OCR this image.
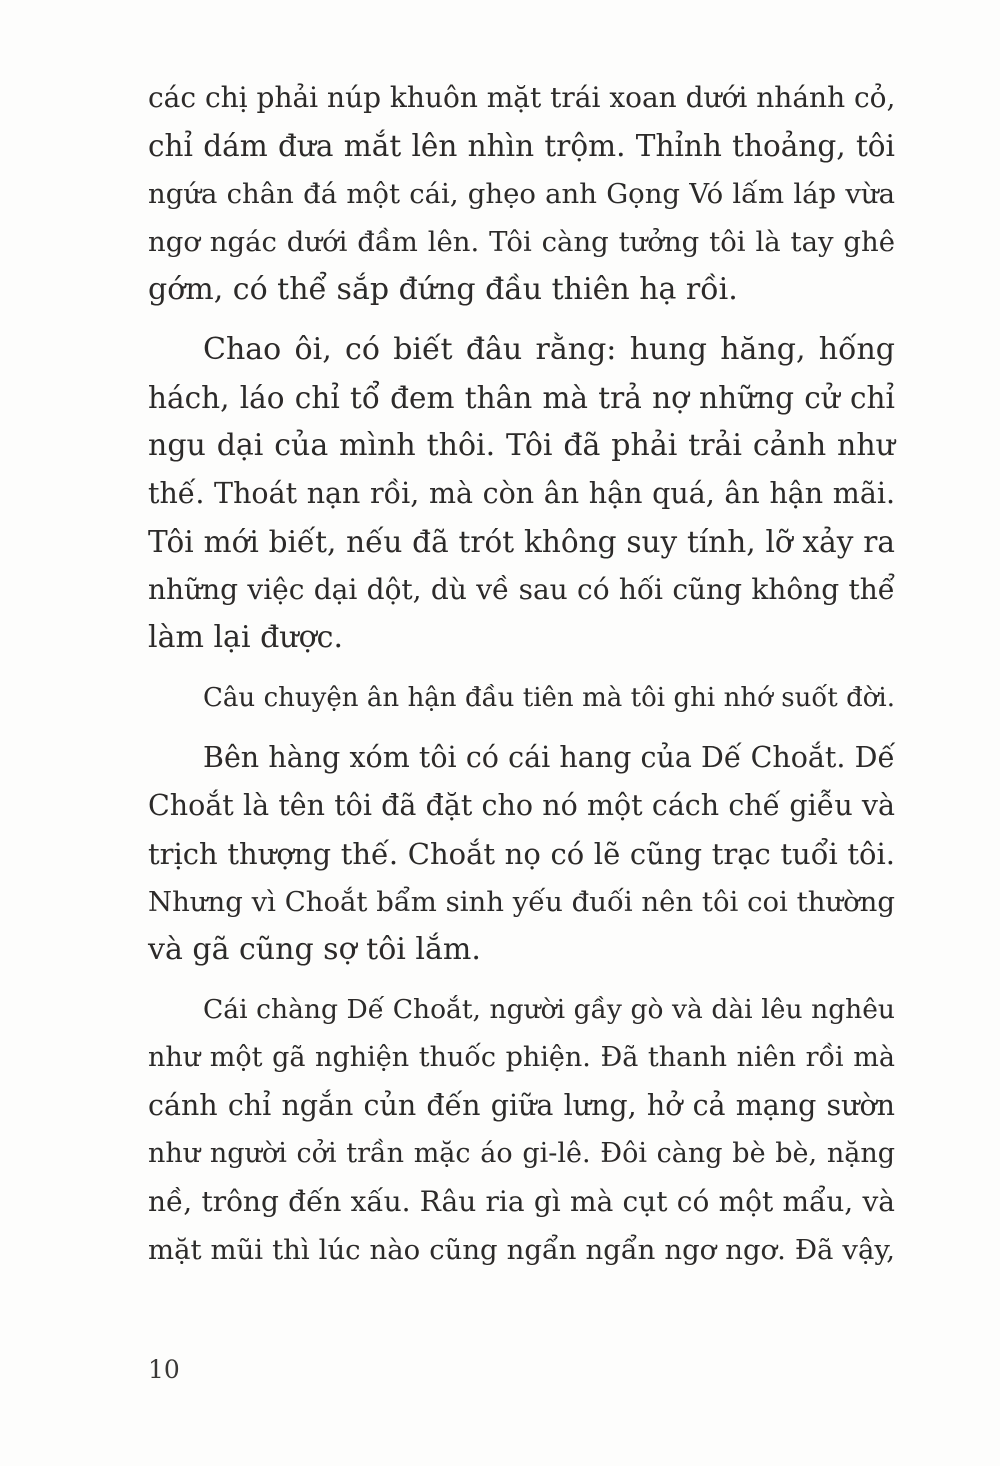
các chị phải núp khuôn mặt trái xoan dưới nhánh cỏ,
chỉ dám đưa mắt lên nhìn trộm. Thỉnh thoảng, tôi
ngứa chân đá một cái, ghẹo anh Gọng Vó lấm láp vừa
ngơ ngác dưới đầm lên. Tôi càng tưởng tôi là tay ghê
gớm, có thể sắp đứng đầu thiên hạ rồi.
Chao ôi, có biết đâu rằng: hung hăng, hống
hách, láo chỉ tổ đem thân mà trả nợ những cử chỉ
ngu dại của mình thôi. Tôi đã phải trải cảnh như
thế. Thoát nạn rồi, mà còn ân hận quá, ân hận mãi.
Tôi mới biết, nếu đã trót không suy tính, lỡ xảy ra
những việc dại dột, dù về sau có hối cũng không thể
làm lại được.
Câu chuyện ân hận đầu tiên mà tôi ghi nhớ suốt đời.
Bên hàng xóm tôi có cái hang của Dế Choắt. Dế
Choắt là tên tôi đã đặt cho nó một cách chế giễu và
trịch thượng thế. Choắt nọ có lẽ cũng trạc tuổi tôi.
Nhưng vì Choắt bẩm sinh yếu đuối nên tôi coi thường
và gã cũng sợ tôi lắm.
Cái chàng Dế Choắt, người gầy gò và dài lêu nghêu
như một gã nghiện thuốc phiện. Đã thanh niên rồi mà
cánh chỉ ngắn củn đến giữa lưng, hở cả mạng sườn
như người cởi trần mặc áo gi-lê. Đôi càng bè bè, nặng
nề, trông đến xấu. Râu ria gì mà cụt có một mẩu, và
mặt mũi thì lúc nào cũng ngẩn ngẩn ngơ ngơ. Đã vậy,
10
